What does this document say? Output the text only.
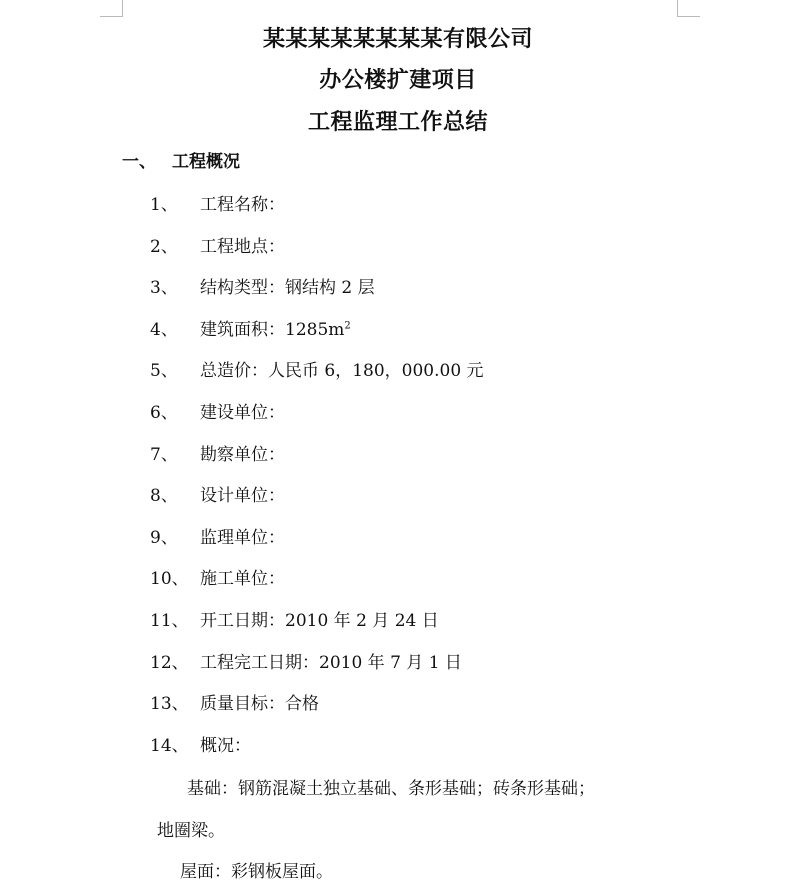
某某某某某某某某有限公司
办公楼扩建项目
工程监理工作总结
一、 工程概况
1、 工程名称：
2、 工程地点：
3、 结构类型：钢结构 2 层
4、 建筑面积：$1285m^2$
5、 总造价：人民币 6，180，000.00 元
6、 建设单位：
7、 勘察单位：
8、 设计单位：
9、 监理单位：
10、 施工单位：
11、 开工日期：2010 年 2 月 24 日
12、 工程完工日期：2010 年 7 月 1 日
13、 质量目标：合格
14、 概况：
基础：钢筋混凝土独立基础、条形基础；砖条形基础；
地圈梁。
屋面：彩钢板屋面。
